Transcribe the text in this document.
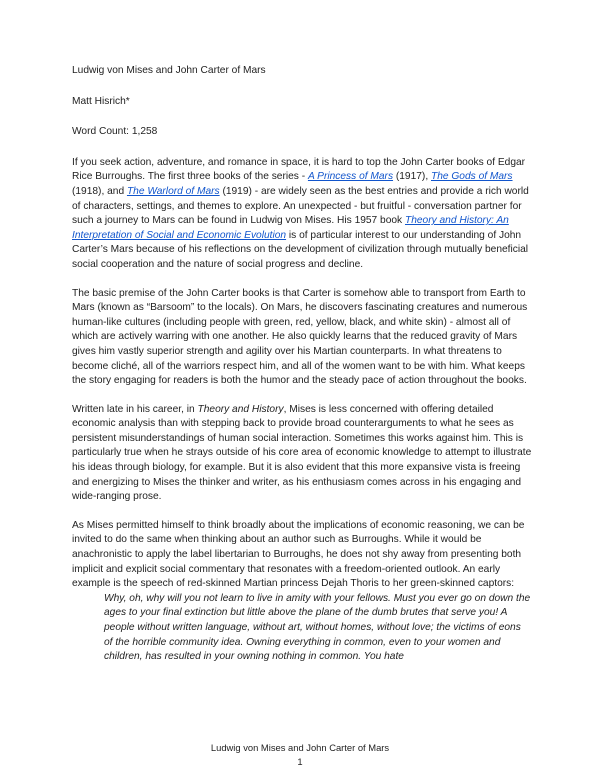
Ludwig von Mises and John Carter of Mars

Matt Hisrich*

Word Count: 1,258

If you seek action, adventure, and romance in space, it is hard to top the John Carter books of Edgar Rice Burroughs. The first three books of the series - A Princess of Mars (1917), The Gods of Mars (1918), and The Warlord of Mars (1919) - are widely seen as the best entries and provide a rich world of characters, settings, and themes to explore. An unexpected - but fruitful - conversation partner for such a journey to Mars can be found in Ludwig von Mises. His 1957 book Theory and History: An Interpretation of Social and Economic Evolution is of particular interest to our understanding of John Carter’s Mars because of his reflections on the development of civilization through mutually beneficial social cooperation and the nature of social progress and decline.

The basic premise of the John Carter books is that Carter is somehow able to transport from Earth to Mars (known as “Barsoom” to the locals). On Mars, he discovers fascinating creatures and numerous human-like cultures (including people with green, red, yellow, black, and white skin) - almost all of which are actively warring with one another. He also quickly learns that the reduced gravity of Mars gives him vastly superior strength and agility over his Martian counterparts. In what threatens to become cliché, all of the warriors respect him, and all of the women want to be with him. What keeps the story engaging for readers is both the humor and the steady pace of action throughout the books.

Written late in his career, in Theory and History, Mises is less concerned with offering detailed economic analysis than with stepping back to provide broad counterarguments to what he sees as persistent misunderstandings of human social interaction. Sometimes this works against him. This is particularly true when he strays outside of his core area of economic knowledge to attempt to illustrate his ideas through biology, for example. But it is also evident that this more expansive vista is freeing and energizing to Mises the thinker and writer, as his enthusiasm comes across in his engaging and wide-ranging prose.

As Mises permitted himself to think broadly about the implications of economic reasoning, we can be invited to do the same when thinking about an author such as Burroughs. While it would be anachronistic to apply the label libertarian to Burroughs, he does not shy away from presenting both implicit and explicit social commentary that resonates with a freedom-oriented outlook. An early example is the speech of red-skinned Martian princess Dejah Thoris to her green-skinned captors:

Why, oh, why will you not learn to live in amity with your fellows. Must you ever go on down the ages to your final extinction but little above the plane of the dumb brutes that serve you! A people without written language, without art, without homes, without love; the victims of eons of the horrible community idea. Owning everything in common, even to your women and children, has resulted in your owning nothing in common. You hate

Ludwig von Mises and John Carter of Mars
1
